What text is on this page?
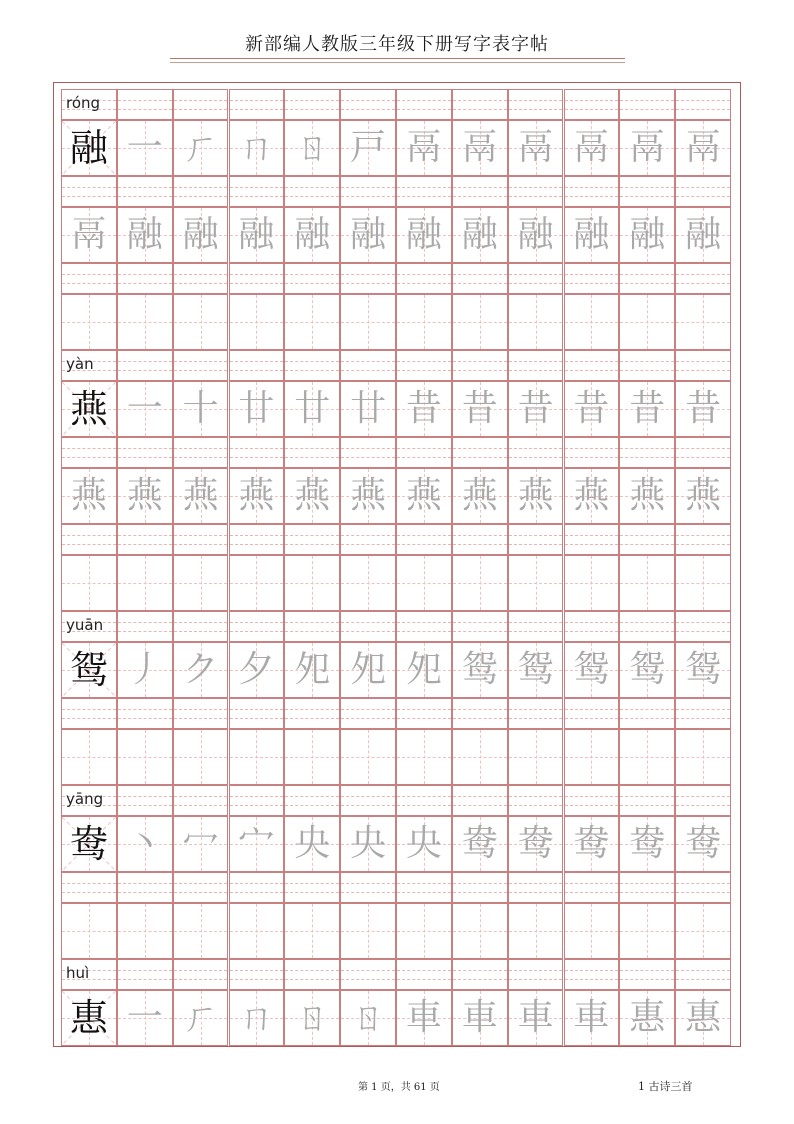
新部编人教版三年级下册写字表字帖
róng
融 一 ㄏ ㄇ ㄖ 戸 鬲 鬲 鬲 鬲 鬲 鬲
鬲 融 融 融 融 融 融 融 融 融 融 融
yàn
燕 一 十 廿 廿 廿 昔 昔 昔 昔 昔 昔
燕 燕 燕 燕 燕 燕 燕 燕 燕 燕 燕 燕
yuān
鸳 丿 ク 夕 夗 夗 夗 鸳 鸳 鸳 鸳 鸳
yāng
鸯 丶 冖 宀 央 央 央 鸯 鸯 鸯 鸯 鸯
huì
惠 一 ㄏ ㄇ ㄖ ㄖ 車 車 車 車 惠 惠
第 1 页，共 61 页	1 古诗三首
